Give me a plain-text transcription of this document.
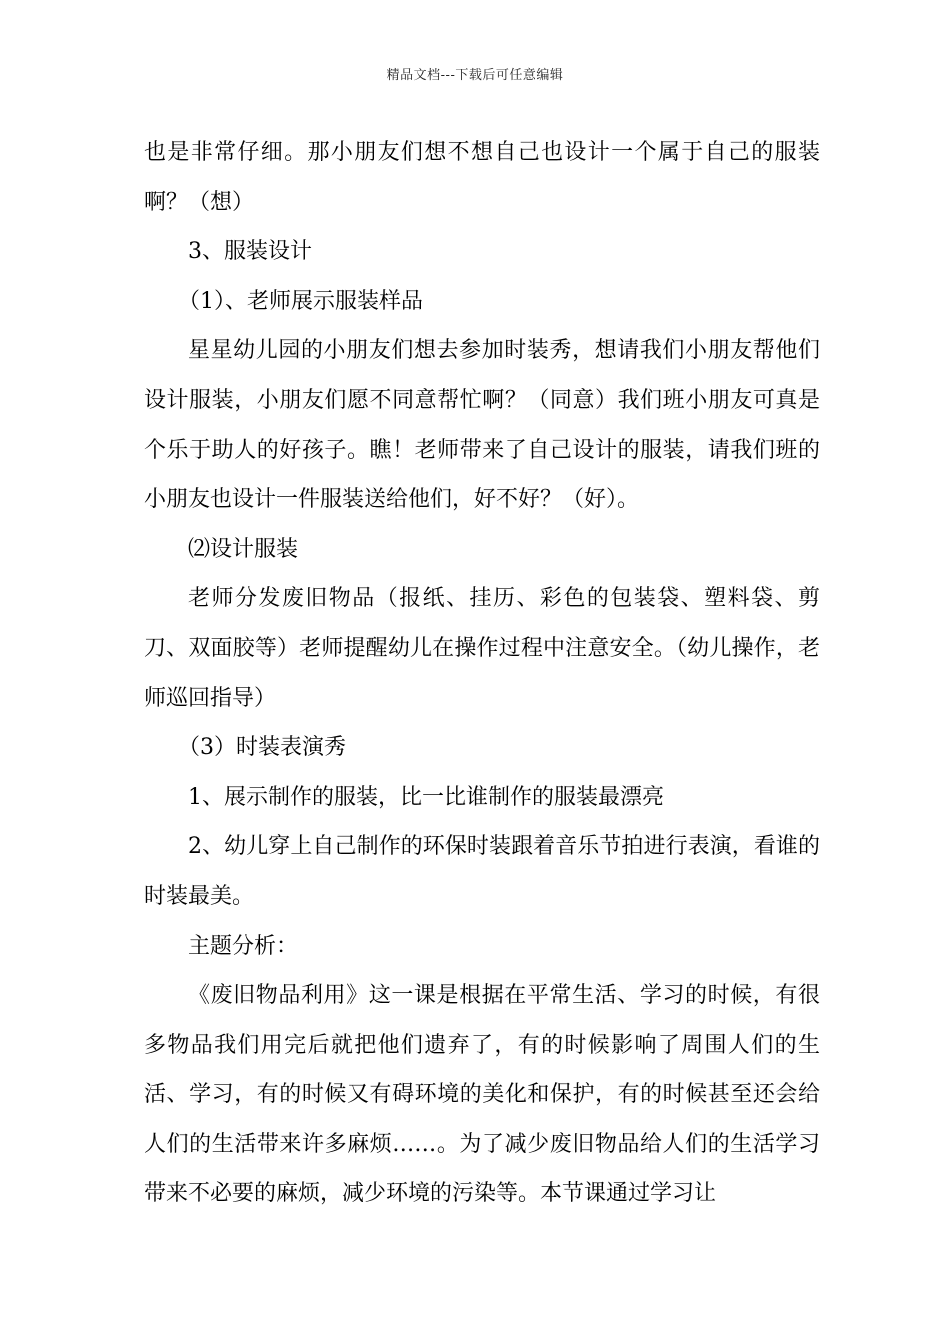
精品文档---下载后可任意编辑

也是非常仔细。那小朋友们想不想自己也设计一个属于自己的服装啊？（想）

3、服装设计

（1）、老师展示服装样品

星星幼儿园的小朋友们想去参加时装秀，想请我们小朋友帮他们设计服装，小朋友们愿不同意帮忙啊？（同意）我们班小朋友可真是个乐于助人的好孩子。瞧！老师带来了自己设计的服装，请我们班的小朋友也设计一件服装送给他们，好不好？（好）。

⑵设计服装

老师分发废旧物品（报纸、挂历、彩色的包装袋、塑料袋、剪刀、双面胶等）老师提醒幼儿在操作过程中注意安全。（幼儿操作，老师巡回指导）

（3）时装表演秀

1、展示制作的服装，比一比谁制作的服装最漂亮

2、幼儿穿上自己制作的环保时装跟着音乐节拍进行表演，看谁的时装最美。

主题分析：

《废旧物品利用》这一课是根据在平常生活、学习的时候，有很多物品我们用完后就把他们遗弃了，有的时候影响了周围人们的生活、学习，有的时候又有碍环境的美化和保护，有的时候甚至还会给人们的生活带来许多麻烦……。为了减少废旧物品给人们的生活学习带来不必要的麻烦，减少环境的污染等。本节课通过学习让
